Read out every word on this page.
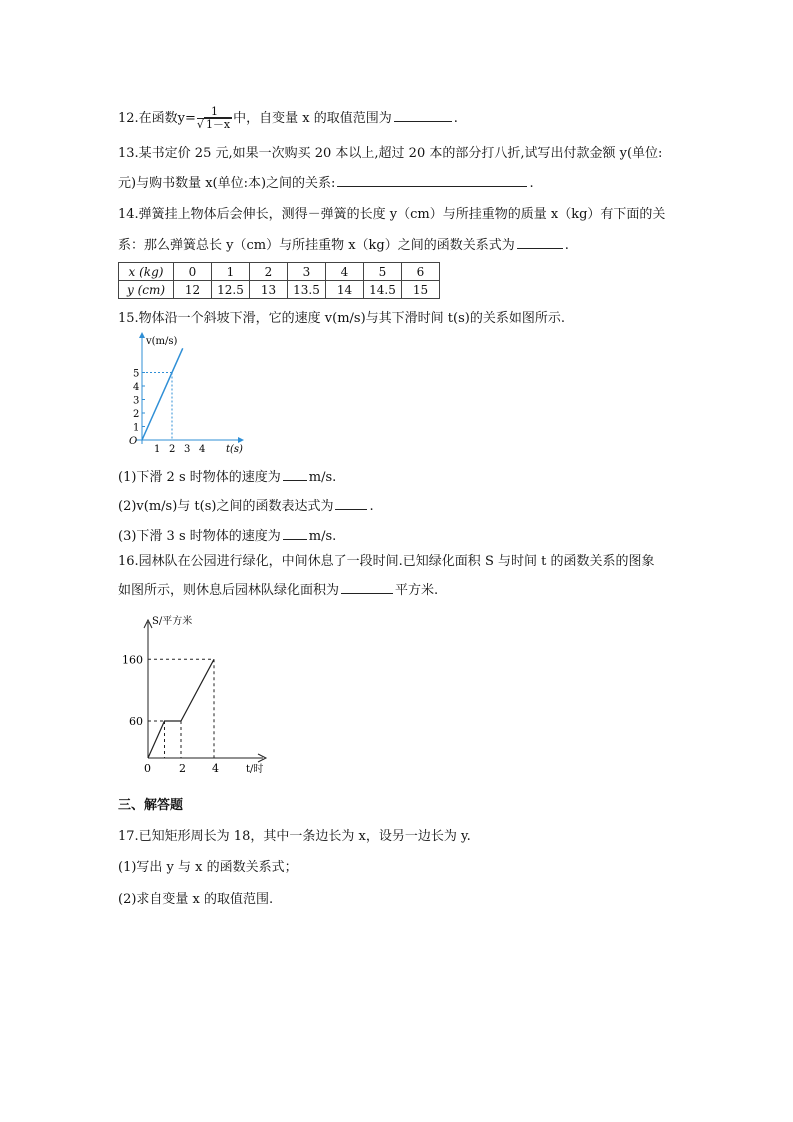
12.在函数$y= \frac{1}{√ 1-x}$ 中，自变量 x 的取值范围为	.
13.某书定价 25 元,如果一次购买 20 本以上,超过 20 本的部分打八折,试写出付款金额 y(单位:
元)与购书数量 x(单位:本)之间的关系:	.
14.弹簧挂上物体后会伸长，测得－弹簧的长度 y（cm）与所挂重物的质量 x（kg）有下面的关
系：那么弹簧总长 y（cm）与所挂重物 x（kg）之间的函数关系式为	.
x (kg)	0	1	2	3	4	5	6
y (cm)	12	12.5	13	13.5	14	14.5	15
15.物体沿一个斜坡下滑，它的速度 v(m/s)与其下滑时间 t(s)的关系如图所示.
v(m/s)
t(s)
O
1 2 3 4
1
2
3
4
5
(1)下滑 2 s 时物体的速度为 m/s.
(2)v(m/s)与 t(s)之间的函数表达式为	.
(3)下滑 3 s 时物体的速度为 m/s.
16.园林队在公园进行绿化，中间休息了一段时间.已知绿化面积 S 与时间 t 的函数关系的图象
如图所示，则休息后园林队绿化面积为	平方米.
S/平方米
t/时
0	2 4
60
160
三、解答题
17.已知矩形周长为 18，其中一条边长为 x，设另一边长为 y.
(1)写出 y 与 x 的函数关系式；
(2)求自变量 x 的取值范围.
